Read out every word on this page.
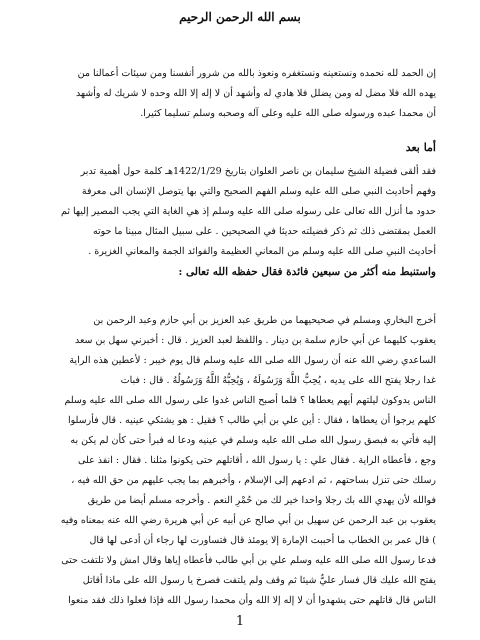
بسم الله الرحمن الرحيم
إن الحمد لله نحمده ونستعينه ونستغفره ونعوذ بالله من شرور أنفسنا ومن سيئات أعمالنا من
يهده الله فلا مضل له ومن يضلل فلا هادي له وأشهد أن لا إله إلا الله وحده لا شريك له وأشهد
أن محمدا عبده ورسوله صلى الله عليه وعلى آله وصحبه وسلم تسليما كثيرا.
أما بعد
فقد ألقى فضيلة الشيخ سليمان بن ناصر العلوان بتاريخ 1422/1/29هـ كلمة حول أهمية تدبر
وفهم أحاديث النبي صلى الله عليه وسلم الفهم الصحيح والتي بها يتوصل الإنسان الى معرفة
حدود ما أنزل الله تعالى على رسوله صلى الله عليه وسلم إذ هي الغاية التي يجب المصير إليها ثم
العمل بمقتضى ذلك ثم ذكر فضيلته حديثا في الصحيحين . على سبيل المثال مبينا ما حوته
أحاديث النبي صلى الله عليه وسلم من المعاني العظيمة والفوائد الجمة والمعاني الغزيرة .
واستنبط منه أكثر من سبعين فائدة فقال حفظه الله تعالى :
أخرج البخاري ومسلم في صحيحيهما من طريق عبد العزيز بن أبي حازم وعبد الرحمن بن
يعقوب كليهما عن أبي حازم سلمة بن دينار . واللفظ لعبد العزيز . قال : أخبرني سهل بن سعد
الساعدي رضي الله عنه أن رسول الله صلى الله عليه وسلم قال يوم خيبر : لأعطين هذه الراية
غدا رجلا يفتح الله على يديه ، يُحِبُّ اللَّهَ وَرَسُولَهُ ، وَيُحِبُّهُ اللَّهُ وَرَسُولُهُ . قال : فبات
الناس يدوكون ليلتهم أيهم يعطاها ؟ فلما أصبح الناس غدوا على رسول الله صلى الله عليه وسلم
كلهم يرجوا أن يعطاها ، فقال : أين علي بن أبي طالب ؟ فقيل : هو يشتكي عينيه . قال فأرسلوا
إليه فأتي به فبصق رسول الله صلى الله عليه وسلم في عينيه ودعا له فبرأ حتى كأن لم يكن به
وجع ، فأعطاه الراية . فقال علي : يا رسول الله ، أقاتلهم حتى يكونوا مثلنا . فقال : انفذ على
رسلك حتى تنزل بساحتهم ، ثم ادعهم إلى الإسلام ، وأخبرهم بما يجب عليهم من حق الله فيه ،
فوالله لأن يهدي الله بك رجلا واحدا خير لك من حُمْرِ النعم . وأخرجه مسلم أيضا من طريق
يعقوب بن عبد الرحمن عن سهيل بن أبي صالح عن أبيه عن أبي هريرة رضي الله عنه بمعناه وفيه
) قال عمر بن الخطاب ما أحببت الإمارة إلا يومئذ قال فتساورت لها رجاء أن أدعى لها قال
فدعا رسول الله صلى الله عليه وسلم علي بن أبي طالب فأعطاه إياها وقال امش ولا تلتفت حتى
يفتح الله عليك قال فسار عليٌّ شيئا ثم وقف ولم يلتفت فصرخ يا رسول الله على ماذا أقاتل
الناس قال قاتلهم حتى يشهدوا أن لا إله إلا الله وأن محمدا رسول الله فإذا فعلوا ذلك فقد منعوا
1
